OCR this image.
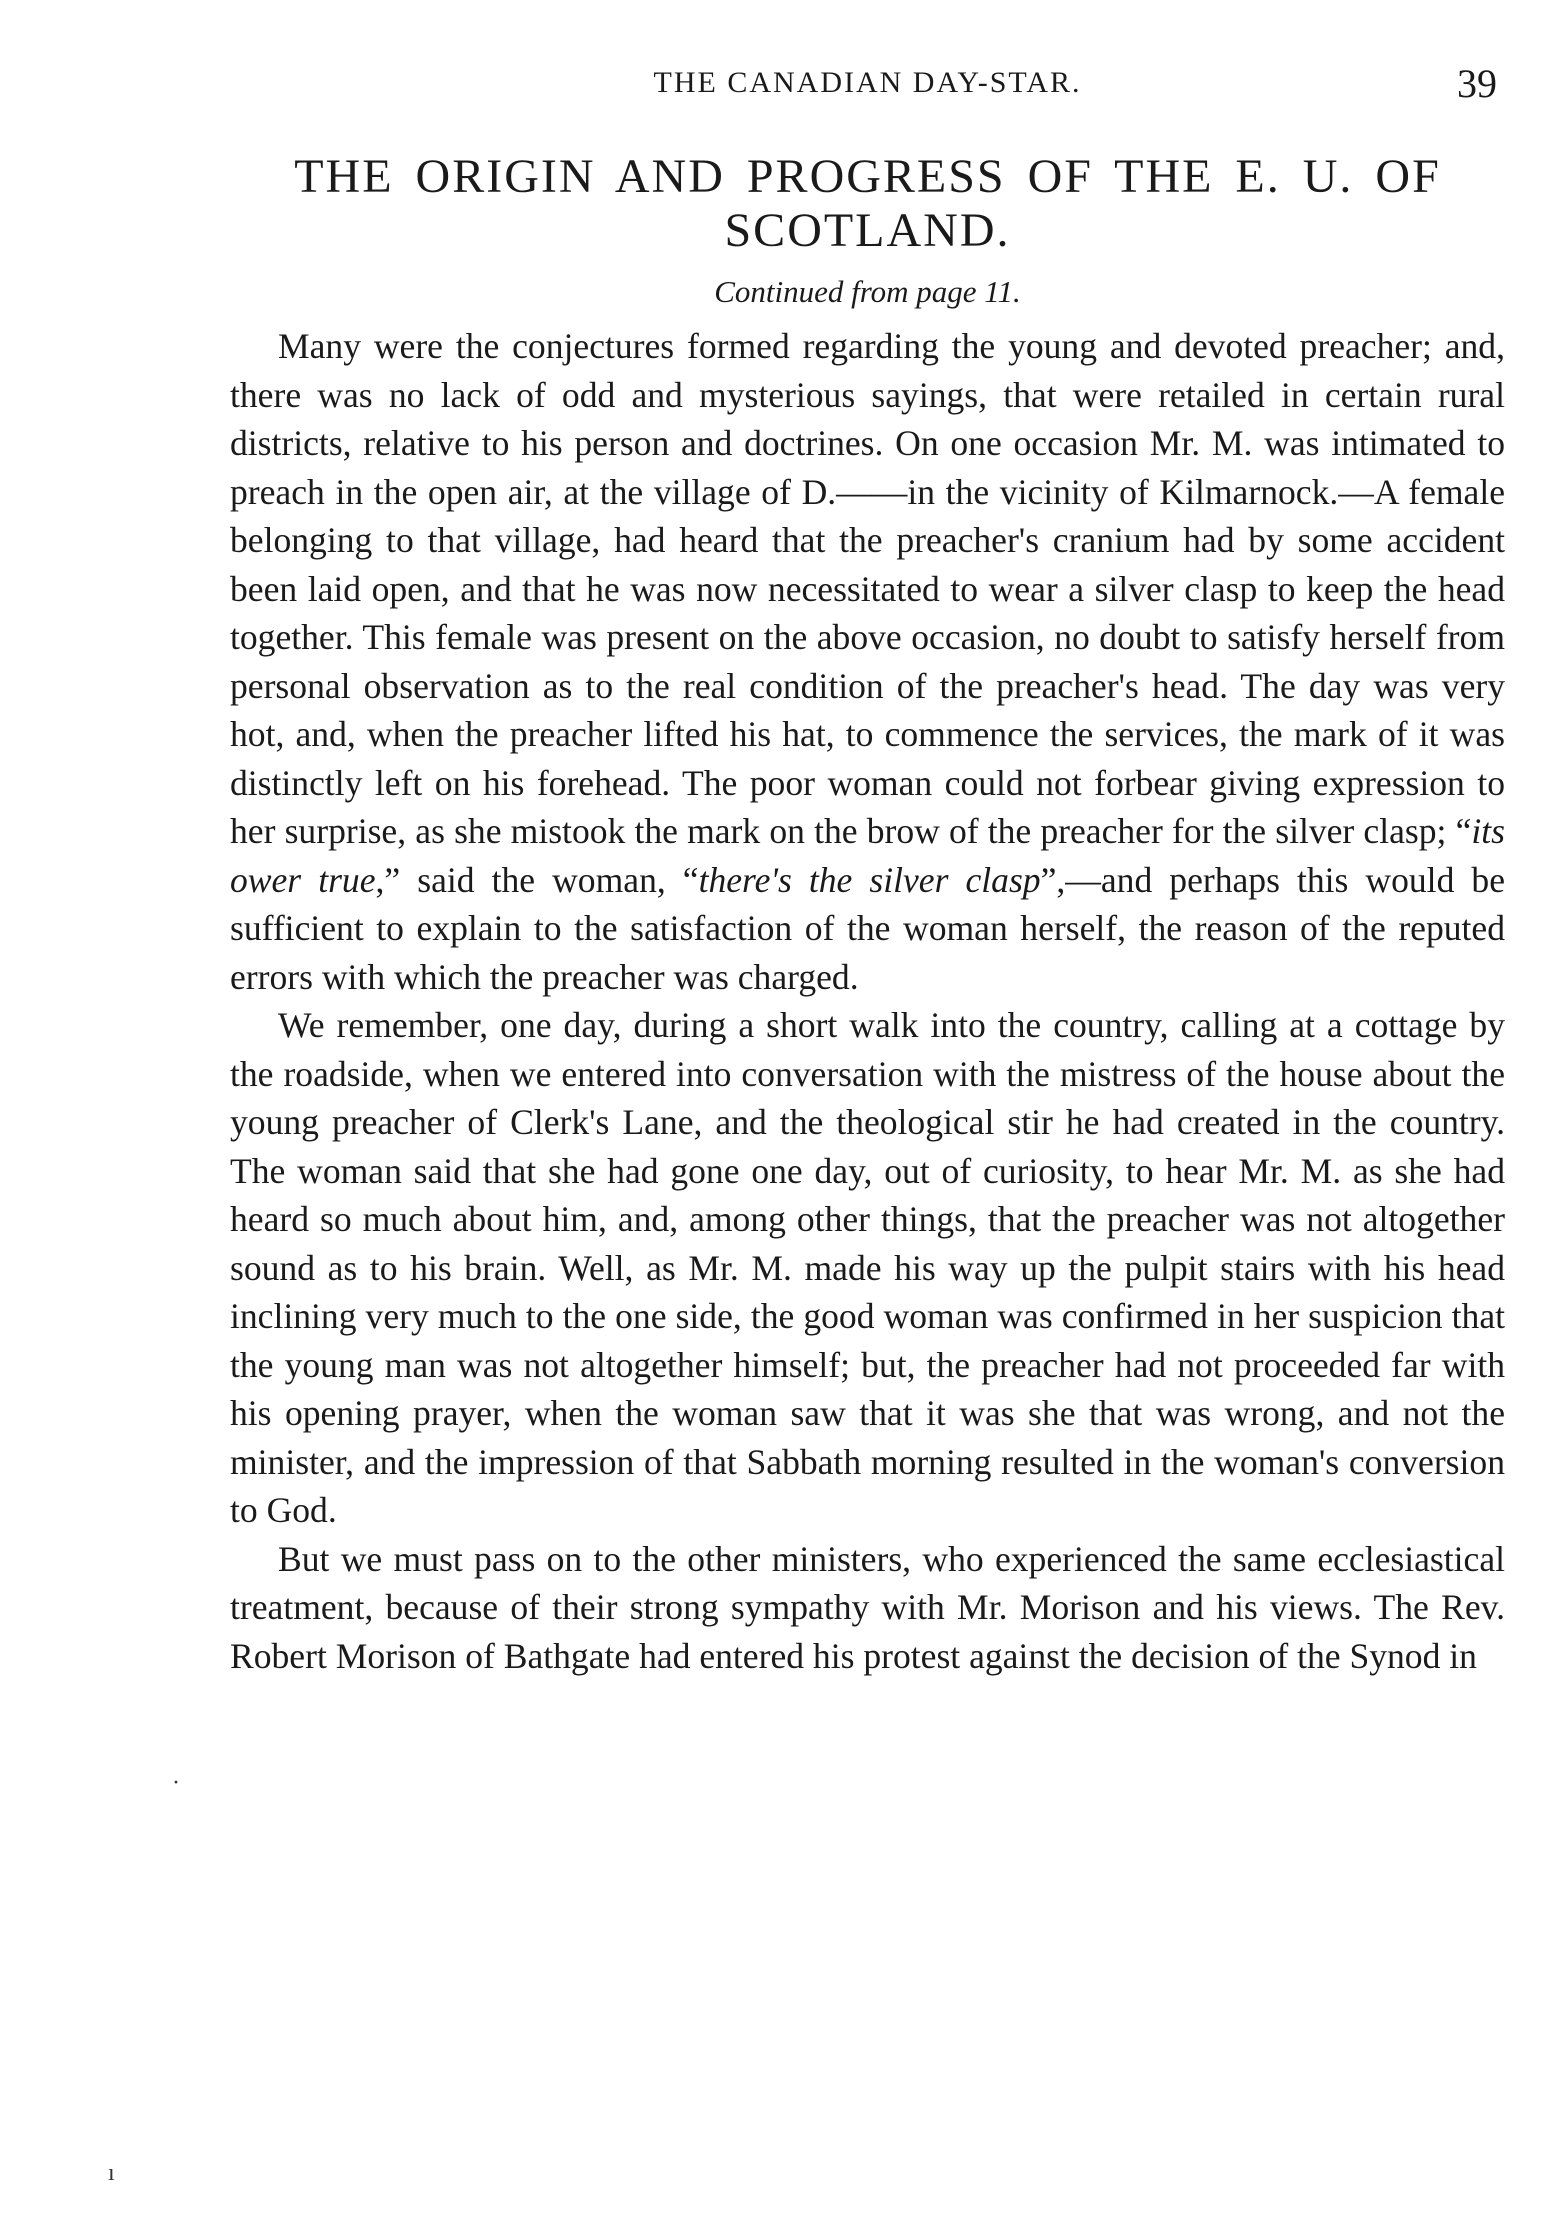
THE CANADIAN DAY-STAR.	39
THE ORIGIN AND PROGRESS OF THE E. U. OF SCOTLAND.
Continued from page 11.

Many were the conjectures formed regarding the young and devoted preacher; and, there was no lack of odd and mysterious sayings, that were retailed in certain rural districts, relative to his person and doctrines. On one occasion Mr. M. was intimated to preach in the open air, at the village of D.——in the vicinity of Kilmarnock.—A female belonging to that village, had heard that the preacher's cranium had by some accident been laid open, and that he was now necessitated to wear a silver clasp to keep the head together. This female was present on the above occasion, no doubt to satisfy herself from personal observation as to the real condition of the preacher's head. The day was very hot, and, when the preacher lifted his hat, to commence the services, the mark of it was distinctly left on his forehead. The poor woman could not forbear giving expression to her surprise, as she mistook the mark on the brow of the preacher for the silver clasp; “its ower true,” said the woman, “there's the silver clasp”,—and perhaps this would be sufficient to explain to the satisfaction of the woman herself, the reason of the reputed errors with which the preacher was charged.

We remember, one day, during a short walk into the country, calling at a cottage by the roadside, when we entered into conversation with the mistress of the house about the young preacher of Clerk's Lane, and the theological stir he had created in the country. The woman said that she had gone one day, out of curiosity, to hear Mr. M. as she had heard so much about him, and, among other things, that the preacher was not altogether sound as to his brain. Well, as Mr. M. made his way up the pulpit stairs with his head inclining very much to the one side, the good woman was confirmed in her suspicion that the young man was not altogether himself; but, the preacher had not proceeded far with his opening prayer, when the woman saw that it was she that was wrong, and not the minister, and the impression of that Sabbath morning resulted in the woman's conversion to God.

But we must pass on to the other ministers, who experienced the same ecclesiastical treatment, because of their strong sympathy with Mr. Morison and his views. The Rev. Robert Morison of Bathgate had entered his protest against the decision of the Synod in

·
ı
